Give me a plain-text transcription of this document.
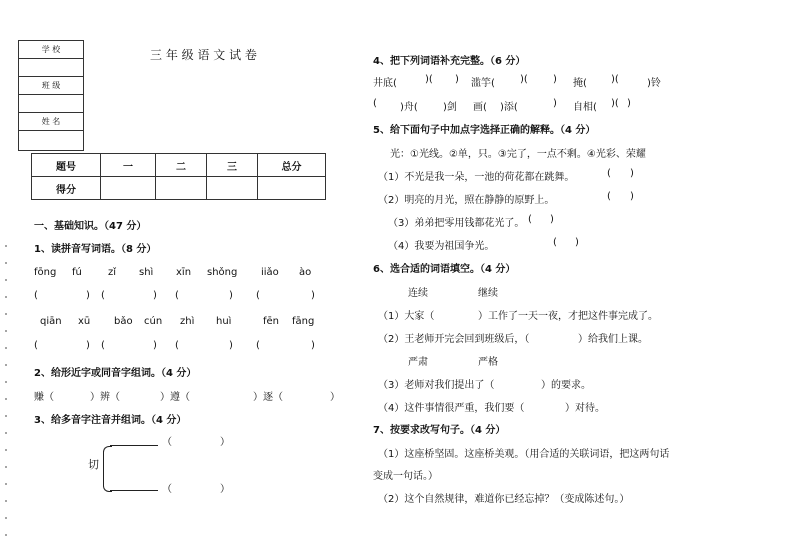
学 校

班 级

姓 名

三 年 级 语 文 试 卷
题号	一	二	三	总分
得分				
一、基础知识。（47 分）
1、读拼音写词语。（8 分）
fōng fú	zǐ shì xīn shǒng iiǎo ào
(	) (	) (	) (	)
qiān xū bǎo cún zhì huì	fēn fāng
(	) (	) (	) (	)
2、给形近字或同音字组词。（4 分）
赚（	）辨（	）遵（	）逐（	）
3、给多音字注音并组词。（4 分）
（	）
切
（	）
4、把下列词语补充完整。（6 分）
井底(	)( ) 滥竽(	)(	) 掩( )(	)铃
( )舟(	)剑 画( )添(	) 自相( )( )
5、给下面句子中加点字选择正确的解释。（4 分）
光：①光线。②单，只。③完了，一点不剩。④光彩、荣耀
（1）不光是我一朵，一池的荷花都在跳舞。	( )
（2）明亮的月光，照在静静的原野上。	( )
（3）弟弟把零用钱都花光了。 ( )
（4）我要为祖国争光。	( )
6、选合适的词语填空。（4 分）
连续	继续
（1）大家（	）工作了一天一夜，才把这件事完成了。
（2）王老师开完会回到班级后，（	）给我们上课。
严肃	严格
（3）老师对我们提出了（	）的要求。
（4）这件事情很严重，我们要（	）对待。
7、按要求改写句子。（4 分）
（1）这座桥坚固。这座桥美观。（用合适的关联词语，把这两句话
变成一句话。）
（2）这个自然规律，难道你已经忘掉？（变成陈述句。）
